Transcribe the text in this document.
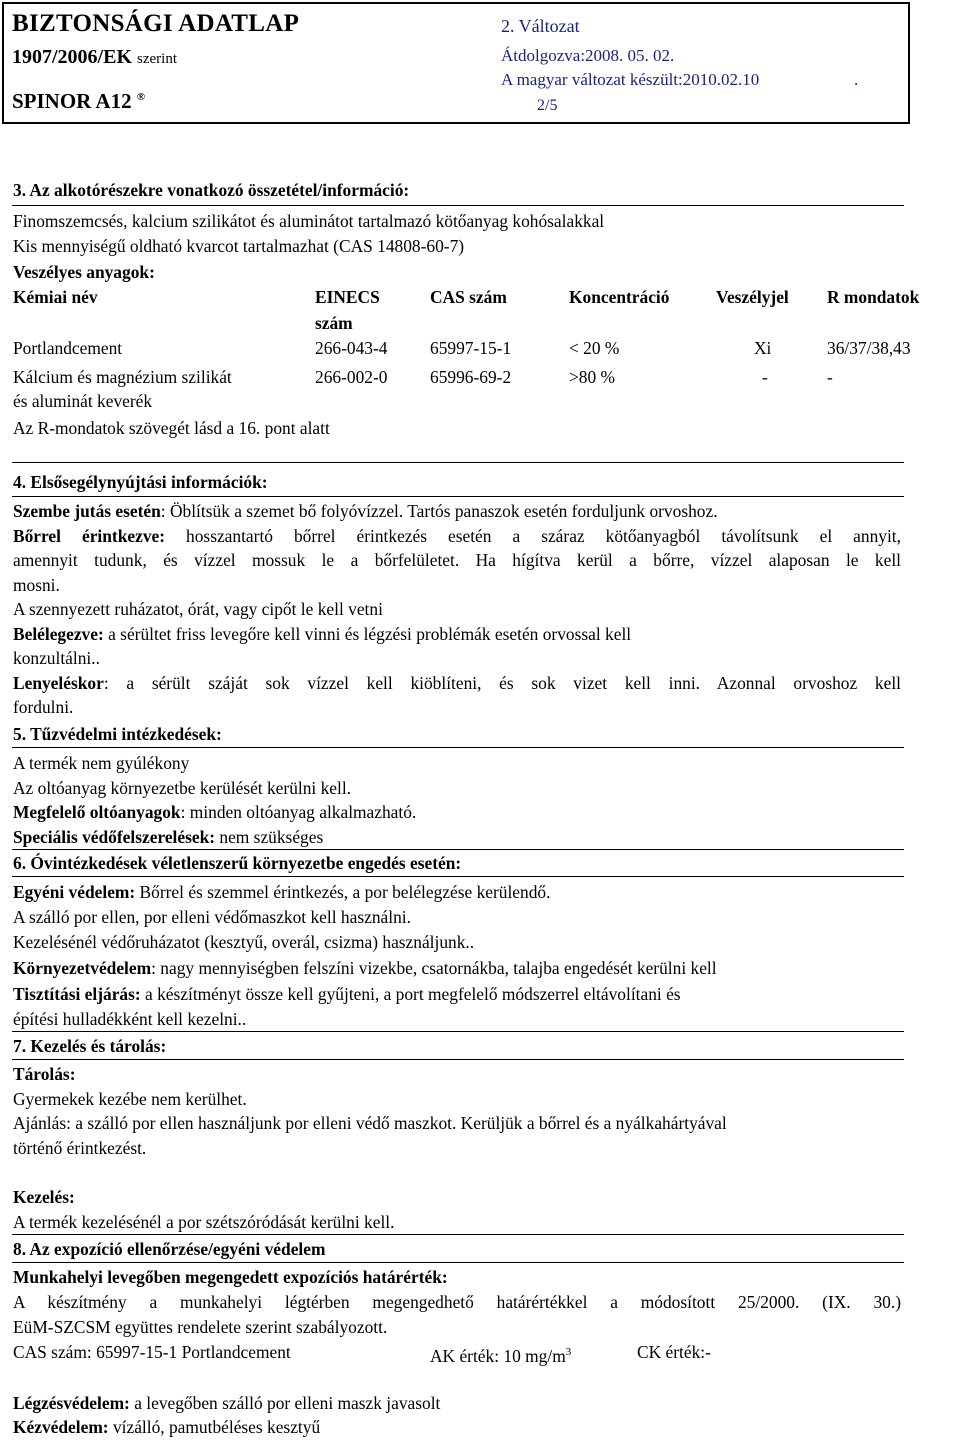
BIZTONSÁGI ADATLAP
1907/2006/EK szerint
SPINOR A12 ®
2. Változat
Átdolgozva:2008. 05. 02.
A magyar változat készült:2010.02.10	.
2/5
3. Az alkotórészekre vonatkozó összetétel/információ:
Finomszemcsés, kalcium szilikátot és aluminátot tartalmazó kötőanyag kohósalakkal
Kis mennyiségű oldható kvarcot tartalmazhat (CAS 14808-60-7)
Veszélyes anyagok:
Kémiai név	EINECS
szám
CAS szám	Koncentráció	Veszélyjel R mondatok
Portlandcement	266-043-4 65997-15-1	< 20 %	Xi	36/37/38,43
Kálcium és magnézium szilikát
és aluminát keverék
266-002-0 65996-69-2	>80 %	-	-
Az R-mondatok szövegét lásd a 16. pont alatt
4. Elsősegélynyújtási információk:
Szembe jutás esetén: Öblítsük a szemet bő folyóvízzel. Tartós panaszok esetén forduljunk orvoshoz.
Bőrrel érintkezve: hosszantartó bőrrel érintkezés esetén a száraz kötőanyagból távolítsunk el annyit,
amennyit tudunk, és vízzel mossuk le a bőrfelületet. Ha hígítva kerül a bőrre, vízzel alaposan le kell
mosni.
A szennyezett ruházatot, órát, vagy cipőt le kell vetni
Belélegezve: a sérültet friss levegőre kell vinni és légzési problémák esetén orvossal kell
konzultálni..
Lenyeléskor: a sérült száját sok vízzel kell kiöblíteni, és sok vizet kell inni. Azonnal orvoshoz kell
fordulni.
5. Tűzvédelmi intézkedések:
A termék nem gyúlékony
Az oltóanyag környezetbe kerülését kerülni kell.
Megfelelő oltóanyagok: minden oltóanyag alkalmazható.
Speciális védőfelszerelések: nem szükséges
6. Óvintézkedések véletlenszerű környezetbe engedés esetén:
Egyéni védelem: Bőrrel és szemmel érintkezés, a por belélegzése kerülendő.
A szálló por ellen, por elleni védőmaszkot kell használni.
Kezelésénél védőruházatot (kesztyű, overál, csizma) használjunk..
Környezetvédelem: nagy mennyiségben felszíni vizekbe, csatornákba, talajba engedését kerülni kell
Tisztítási eljárás: a készítményt össze kell gyűjteni, a port megfelelő módszerrel eltávolítani és
építési hulladékként kell kezelni..
7. Kezelés és tárolás:
Tárolás:
Gyermekek kezébe nem kerülhet.
Ajánlás: a szálló por ellen használjunk por elleni védő maszkot. Kerüljük a bőrrel és a nyálkahártyával
történő érintkezést.
Kezelés:
A termék kezelésénél a por szétszóródását kerülni kell.
8. Az expozíció ellenőrzése/egyéni védelem
Munkahelyi levegőben megengedett expozíciós határérték:
A készítmény a munkahelyi légtérben megengedhető határértékkel a módosított 25/2000. (IX. 30.)
EüM-SZCSM együttes rendelete szerint szabályozott.
CAS szám: 65997-15-1 Portlandcement	AK érték: 10 $mg/m^3$	CK érték:-
Légzésvédelem: a levegőben szálló por elleni maszk javasolt
Kézvédelem: vízálló, pamutbéléses kesztyű
